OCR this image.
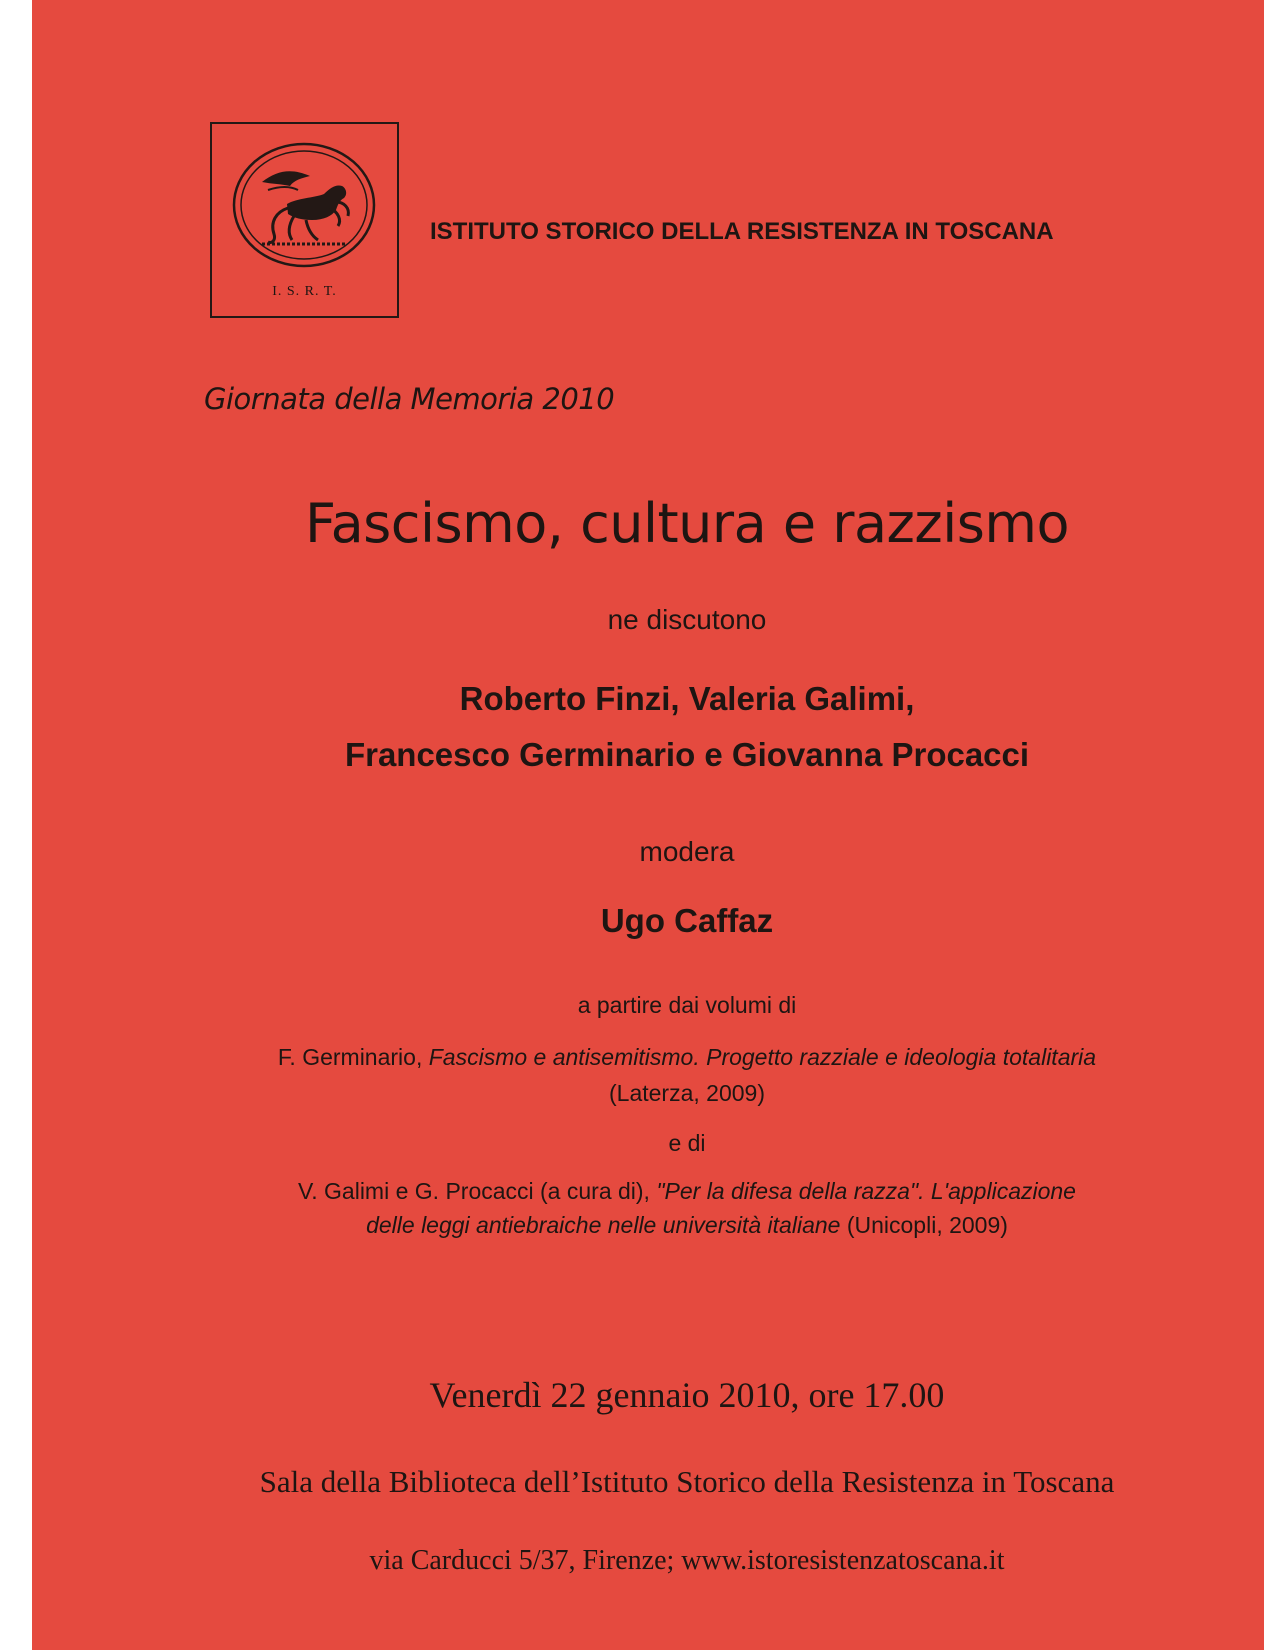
I. S. R. T.
ISTITUTO STORICO DELLA RESISTENZA IN TOSCANA
Giornata della Memoria 2010
Fascismo, cultura e razzismo
ne discutono
Roberto Finzi, Valeria Galimi,
Francesco Germinario e Giovanna Procacci
modera
Ugo Caffaz
a partire dai volumi di
F. Germinario, Fascismo e antisemitismo. Progetto razziale e ideologia totalitaria
(Laterza, 2009)
e di
V. Galimi e G. Procacci (a cura di), "Per la difesa della razza". L'applicazione
delle leggi antiebraiche nelle università italiane (Unicopli, 2009)
Venerdì 22 gennaio 2010, ore 17.00
Sala della Biblioteca dell’Istituto Storico della Resistenza in Toscana
via Carducci 5/37, Firenze; www.istoresistenzatoscana.it
